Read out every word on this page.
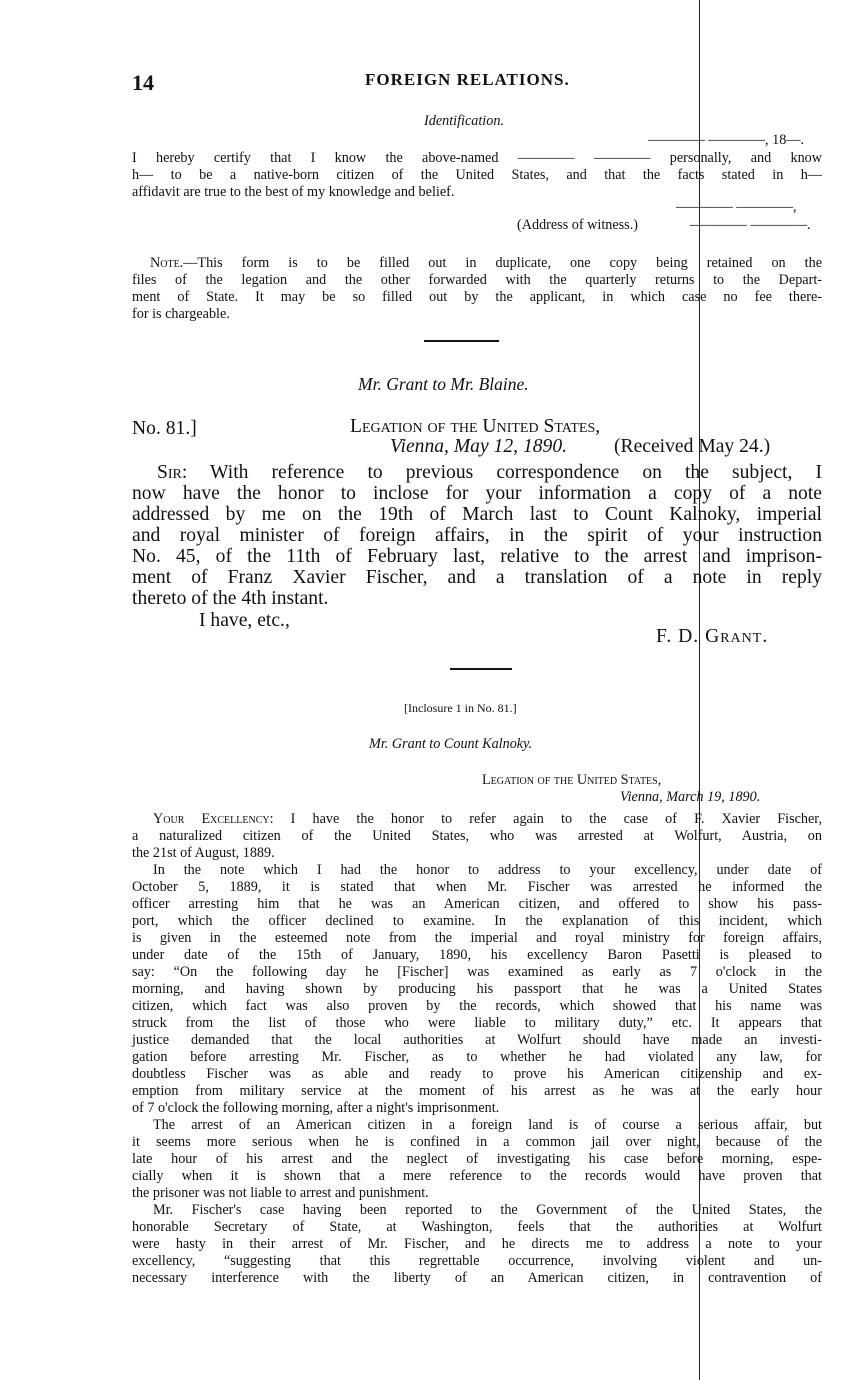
14	FOREIGN RELATIONS.
Identification.
———— ————, 18—.

I hereby certify that I know the above-named ———— ———— personally, and know

h— to be a native-born citizen of the United States, and that the facts stated in h—

affidavit are true to the best of my knowledge and belief.

———— ————,
(Address of witness.)	———— ————.

Note.—This form is to be filled out in duplicate, one copy being retained on the

files of the legation and the other forwarded with the quarterly returns to the Depart-

ment of State. It may be so filled out by the applicant, in which case no fee there-

for is chargeable.

Mr. Grant to Mr. Blaine.
No. 81.]	Legation of the United States,
Vienna, May 12, 1890. (Received May 24.)

Sir: With reference to previous correspondence on the subject, I

now have the honor to inclose for your information a copy of a note

addressed by me on the 19th of March last to Count Kalnoky, imperial

and royal minister of foreign affairs, in the spirit of your instruction

No. 45, of the 11th of February last, relative to the arrest and imprison-

ment of Franz Xavier Fischer, and a translation of a note in reply

thereto of the 4th instant.

I have, etc.,
F. D. Grant.
[Inclosure 1 in No. 81.]
Mr. Grant to Count Kalnoky.
Legation of the United States,
Vienna, March 19, 1890.

Your Excellency: I have the honor to refer again to the case of F. Xavier Fischer,

a naturalized citizen of the United States, who was arrested at Wolfurt, Austria, on

the 21st of August, 1889.

In the note which I had the honor to address to your excellency, under date of

October 5, 1889, it is stated that when Mr. Fischer was arrested he informed the

officer arresting him that he was an American citizen, and offered to show his pass-

port, which the officer declined to examine. In the explanation of this incident, which

is given in the esteemed note from the imperial and royal ministry for foreign affairs,

under date of the 15th of January, 1890, his excellency Baron Pasetti is pleased to

say: “On the following day he [Fischer] was examined as early as 7 o'clock in the

morning, and having shown by producing his passport that he was a United States

citizen, which fact was also proven by the records, which showed that his name was

struck from the list of those who were liable to military duty,” etc. It appears that

justice demanded that the local authorities at Wolfurt should have made an investi-

gation before arresting Mr. Fischer, as to whether he had violated any law, for

doubtless Fischer was as able and ready to prove his American citizenship and ex-

emption from military service at the moment of his arrest as he was at the early hour

of 7 o'clock the following morning, after a night's imprisonment.

The arrest of an American citizen in a foreign land is of course a serious affair, but

it seems more serious when he is confined in a common jail over night, because of the

late hour of his arrest and the neglect of investigating his case before morning, espe-

cially when it is shown that a mere reference to the records would have proven that

the prisoner was not liable to arrest and punishment.

Mr. Fischer's case having been reported to the Government of the United States, the

honorable Secretary of State, at Washington, feels that the authorities at Wolfurt

were hasty in their arrest of Mr. Fischer, and he directs me to address a note to your

excellency, “suggesting that this regrettable occurrence, involving violent and un-

necessary interference with the liberty of an American citizen, in contravention of
